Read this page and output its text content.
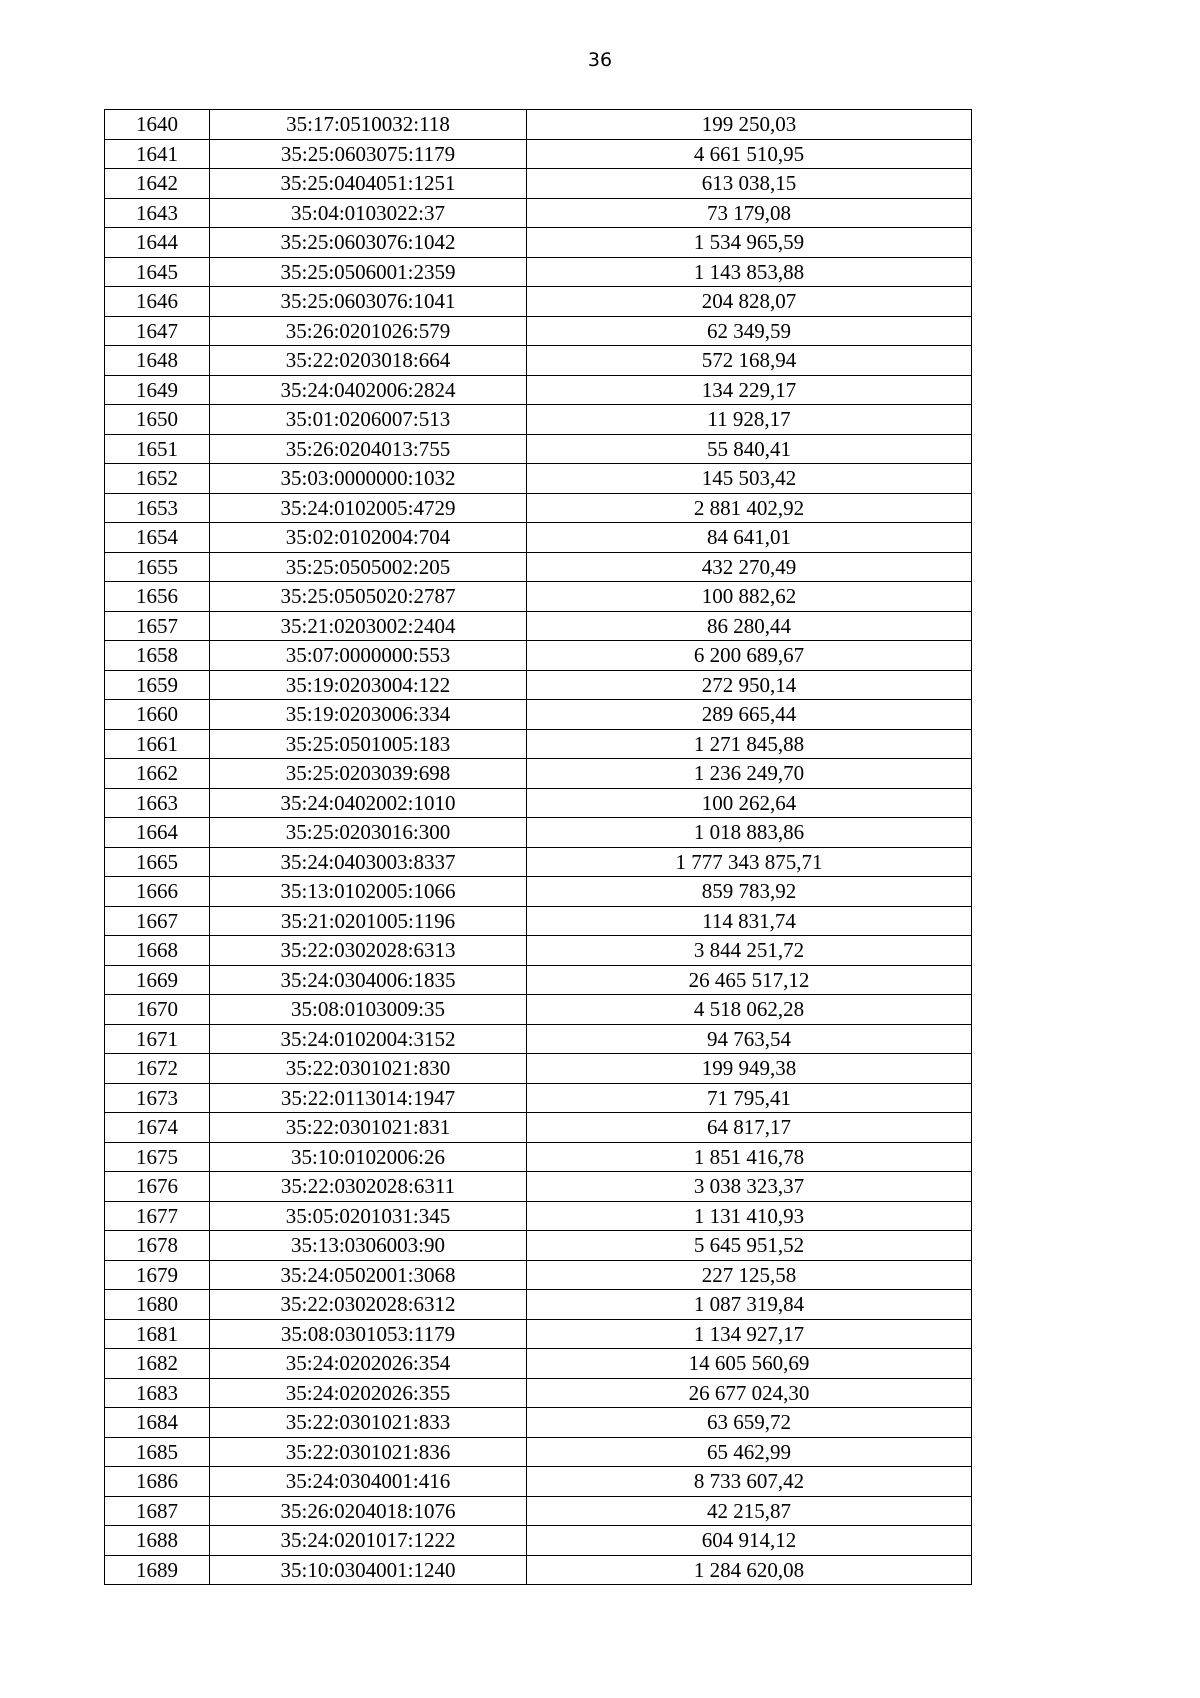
36
1640	35:17:0510032:118	199 250,03
1641	35:25:0603075:1179	4 661 510,95
1642	35:25:0404051:1251	613 038,15
1643	35:04:0103022:37	73 179,08
1644	35:25:0603076:1042	1 534 965,59
1645	35:25:0506001:2359	1 143 853,88
1646	35:25:0603076:1041	204 828,07
1647	35:26:0201026:579	62 349,59
1648	35:22:0203018:664	572 168,94
1649	35:24:0402006:2824	134 229,17
1650	35:01:0206007:513	11 928,17
1651	35:26:0204013:755	55 840,41
1652	35:03:0000000:1032	145 503,42
1653	35:24:0102005:4729	2 881 402,92
1654	35:02:0102004:704	84 641,01
1655	35:25:0505002:205	432 270,49
1656	35:25:0505020:2787	100 882,62
1657	35:21:0203002:2404	86 280,44
1658	35:07:0000000:553	6 200 689,67
1659	35:19:0203004:122	272 950,14
1660	35:19:0203006:334	289 665,44
1661	35:25:0501005:183	1 271 845,88
1662	35:25:0203039:698	1 236 249,70
1663	35:24:0402002:1010	100 262,64
1664	35:25:0203016:300	1 018 883,86
1665	35:24:0403003:8337	1 777 343 875,71
1666	35:13:0102005:1066	859 783,92
1667	35:21:0201005:1196	114 831,74
1668	35:22:0302028:6313	3 844 251,72
1669	35:24:0304006:1835	26 465 517,12
1670	35:08:0103009:35	4 518 062,28
1671	35:24:0102004:3152	94 763,54
1672	35:22:0301021:830	199 949,38
1673	35:22:0113014:1947	71 795,41
1674	35:22:0301021:831	64 817,17
1675	35:10:0102006:26	1 851 416,78
1676	35:22:0302028:6311	3 038 323,37
1677	35:05:0201031:345	1 131 410,93
1678	35:13:0306003:90	5 645 951,52
1679	35:24:0502001:3068	227 125,58
1680	35:22:0302028:6312	1 087 319,84
1681	35:08:0301053:1179	1 134 927,17
1682	35:24:0202026:354	14 605 560,69
1683	35:24:0202026:355	26 677 024,30
1684	35:22:0301021:833	63 659,72
1685	35:22:0301021:836	65 462,99
1686	35:24:0304001:416	8 733 607,42
1687	35:26:0204018:1076	42 215,87
1688	35:24:0201017:1222	604 914,12
1689	35:10:0304001:1240	1 284 620,08
